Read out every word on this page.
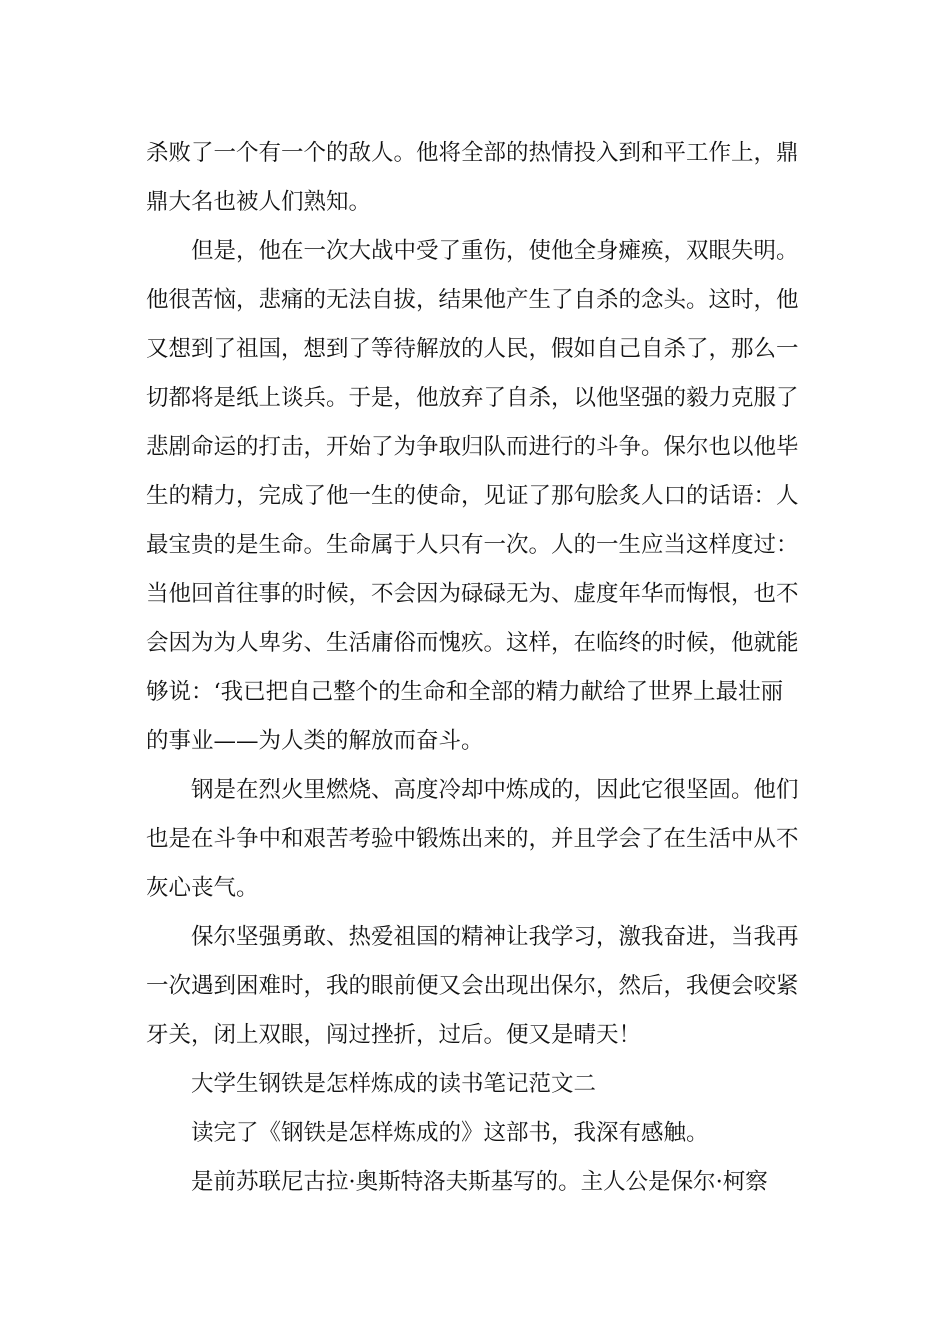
杀败了一个有一个的敌人。他将全部的热情投入到和平工作上，鼎
鼎大名也被人们熟知。

但是，他在一次大战中受了重伤，使他全身瘫痪，双眼失明。
他很苦恼，悲痛的无法自拔，结果他产生了自杀的念头。这时，他
又想到了祖国，想到了等待解放的人民，假如自己自杀了，那么一
切都将是纸上谈兵。于是，他放弃了自杀，以他坚强的毅力克服了
悲剧命运的打击，开始了为争取归队而进行的斗争。保尔也以他毕
生的精力，完成了他一生的使命，见证了那句脍炙人口的话语：人
最宝贵的是生命。生命属于人只有一次。人的一生应当这样度过：
当他回首往事的时候，不会因为碌碌无为、虚度年华而悔恨，也不
会因为为人卑劣、生活庸俗而愧疚。这样，在临终的时候，他就能
够说：‘我已把自己整个的生命和全部的精力献给了世界上最壮丽
的事业——为人类的解放而奋斗。

钢是在烈火里燃烧、高度冷却中炼成的，因此它很坚固。他们
也是在斗争中和艰苦考验中锻炼出来的，并且学会了在生活中从不
灰心丧气。

保尔坚强勇敢、热爱祖国的精神让我学习，激我奋进，当我再
一次遇到困难时，我的眼前便又会出现出保尔，然后，我便会咬紧
牙关，闭上双眼，闯过挫折，过后。便又是晴天！

大学生钢铁是怎样炼成的读书笔记范文二

读完了《钢铁是怎样炼成的》这部书，我深有感触。

是前苏联尼古拉·奥斯特洛夫斯基写的。主人公是保尔·柯察
